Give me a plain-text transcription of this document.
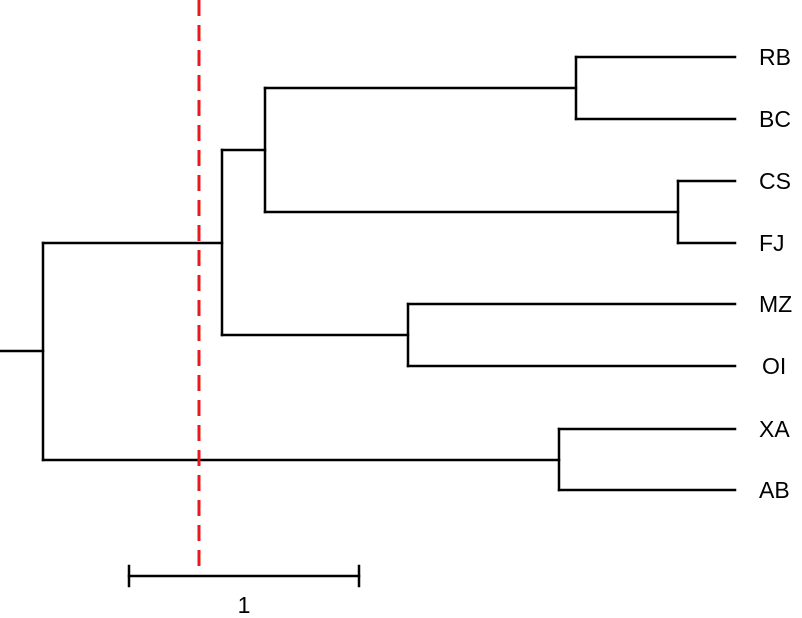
RB
BC
CS
FJ
MZ
OI
XA
AB
1
